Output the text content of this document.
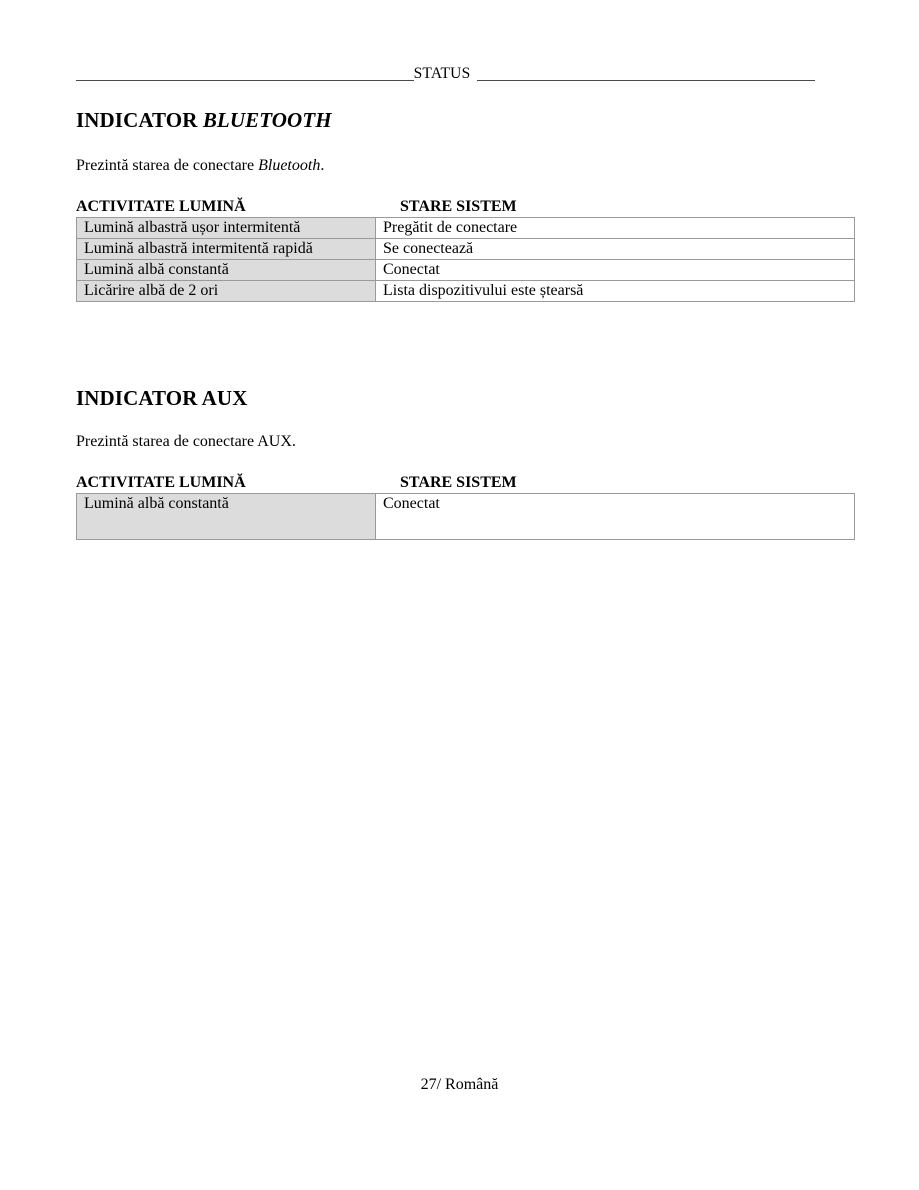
STATUS
INDICATOR BLUETOOTH
Prezintă starea de conectare Bluetooth.
ACTIVITATE LUMINĂ	STARE SISTEM
Lumină albastră ușor intermitentă	Pregătit de conectare
Lumină albastră intermitentă rapidă	Se conectează
Lumină albă constantă	Conectat
Licărire albă de 2 ori	Lista dispozitivului este ștearsă
INDICATOR AUX
Prezintă starea de conectare AUX.
ACTIVITATE LUMINĂ	STARE SISTEM
Lumină albă constantă	Conectat
27/ Română
